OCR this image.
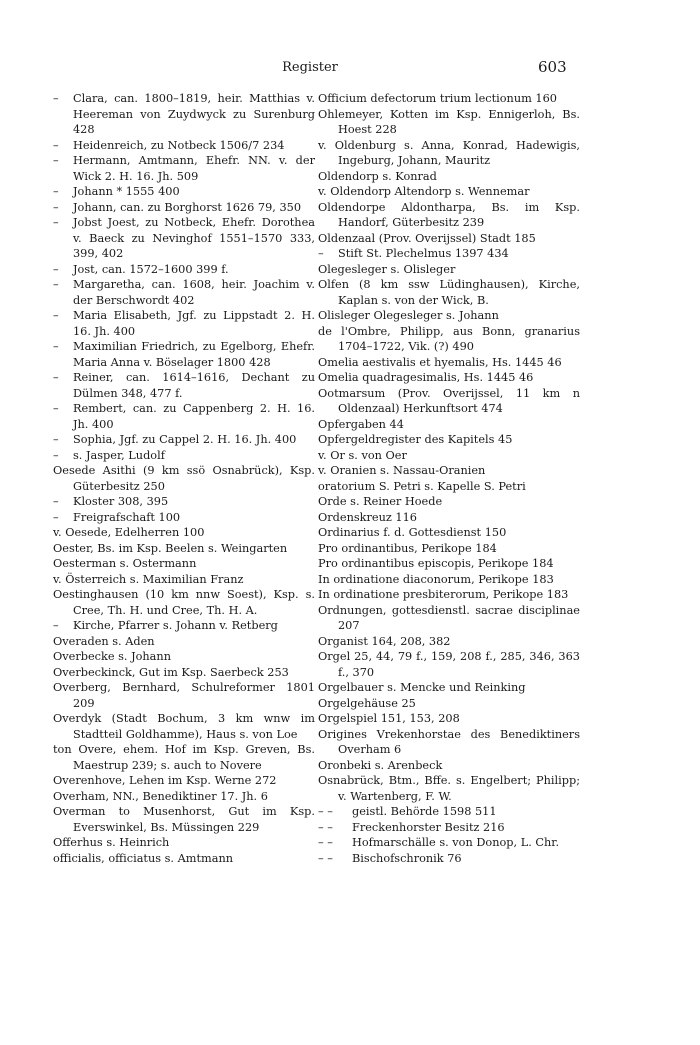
Register	603
– Clara, can. 1800–1819, heir. Matthias v. Heereman von Zuydwyck zu Surenburg 428
– Heidenreich, zu Notbeck 1506/7 234
– Hermann, Amtmann, Ehefr. NN. v. der Wick 2. H. 16. Jh. 509
– Johann * 1555 400
– Johann, can. zu Borghorst 1626 79, 350
– Jobst Joest, zu Notbeck, Ehefr. Dorothea v. Baeck zu Nevinghof 1551–1570 333, 399, 402
– Jost, can. 1572–1600 399 f.
– Margaretha, can. 1608, heir. Joachim v. der Berschwordt 402
– Maria Elisabeth, Jgf. zu Lippstadt 2. H. 16. Jh. 400
– Maximilian Friedrich, zu Egelborg, Ehefr. Maria Anna v. Böselager 1800 428
– Reiner, can. 1614–1616, Dechant zu Dülmen 348, 477 f.
– Rembert, can. zu Cappenberg 2. H. 16. Jh. 400
– Sophia, Jgf. zu Cappel 2. H. 16. Jh. 400
– s. Jasper, Ludolf
Oesede Asithi (9 km ssö Osnabrück), Ksp. Güterbesitz 250
– Kloster 308, 395
– Freigrafschaft 100
v. Oesede, Edelherren 100
Oester, Bs. im Ksp. Beelen s. Weingarten
Oesterman s. Ostermann
v. Österreich s. Maximilian Franz
Oestinghausen (10 km nnw Soest), Ksp. s. Cree, Th. H. und Cree, Th. H. A.
– Kirche, Pfarrer s. Johann v. Retberg
Overaden s. Aden
Overbecke s. Johann
Overbeckinck, Gut im Ksp. Saerbeck 253
Overberg, Bernhard, Schulreformer 1801 209
Overdyk (Stadt Bochum, 3 km wnw im Stadtteil Goldhamme), Haus s. von Loe
ton Overe, ehem. Hof im Ksp. Greven, Bs. Maestrup 239; s. auch to Novere
Overenhove, Lehen im Ksp. Werne 272
Overham, NN., Benediktiner 17. Jh. 6
Overman to Musenhorst, Gut im Ksp. Everswinkel, Bs. Müssingen 229
Offerhus s. Heinrich
officialis, officiatus s. Amtmann
Officium defectorum trium lectionum 160
Ohlemeyer, Kotten im Ksp. Ennigerloh, Bs. Hoest 228
v. Oldenburg s. Anna, Konrad, Hadewigis, Ingeburg, Johann, Mauritz
Oldendorp s. Konrad
v. Oldendorp Altendorp s. Wennemar
Oldendorpe Aldontharpa, Bs. im Ksp. Handorf, Güterbesitz 239
Oldenzaal (Prov. Overijssel) Stadt 185
– Stift St. Plechelmus 1397 434
Olegesleger s. Olisleger
Olfen (8 km ssw Lüdinghausen), Kirche, Kaplan s. von der Wick, B.
Olisleger Olegesleger s. Johann
de l'Ombre, Philipp, aus Bonn, granarius 1704–1722, Vik. (?) 490
Omelia aestivalis et hyemalis, Hs. 1445 46
Omelia quadragesimalis, Hs. 1445 46
Ootmarsum (Prov. Overijssel, 11 km n Oldenzaal) Herkunftsort 474
Opfergaben 44
Opfergeldregister des Kapitels 45
v. Or s. von Oer
v. Oranien s. Nassau-Oranien
oratorium S. Petri s. Kapelle S. Petri
Orde s. Reiner Hoede
Ordenskreuz 116
Ordinarius f. d. Gottesdienst 150
Pro ordinantibus, Perikope 184
Pro ordinantibus episcopis, Perikope 184
In ordinatione diaconorum, Perikope 183
In ordinatione presbiterorum, Perikope 183
Ordnungen, gottesdienstl. sacrae disciplinae 207
Organist 164, 208, 382
Orgel 25, 44, 79 f., 159, 208 f., 285, 346, 363 f., 370
Orgelbauer s. Mencke und Reinking
Orgelgehäuse 25
Orgelspiel 151, 153, 208
Origines Vrekenhorstae des Benediktiners Overham 6
Oronbeki s. Arenbeck
Osnabrück, Btm., Bffe. s. Engelbert; Philipp; v. Wartenberg, F. W.
– – geistl. Behörde 1598 511
– – Freckenhorster Besitz 216
– – Hofmarschälle s. von Donop, L. Chr.
– – Bischofschronik 76
